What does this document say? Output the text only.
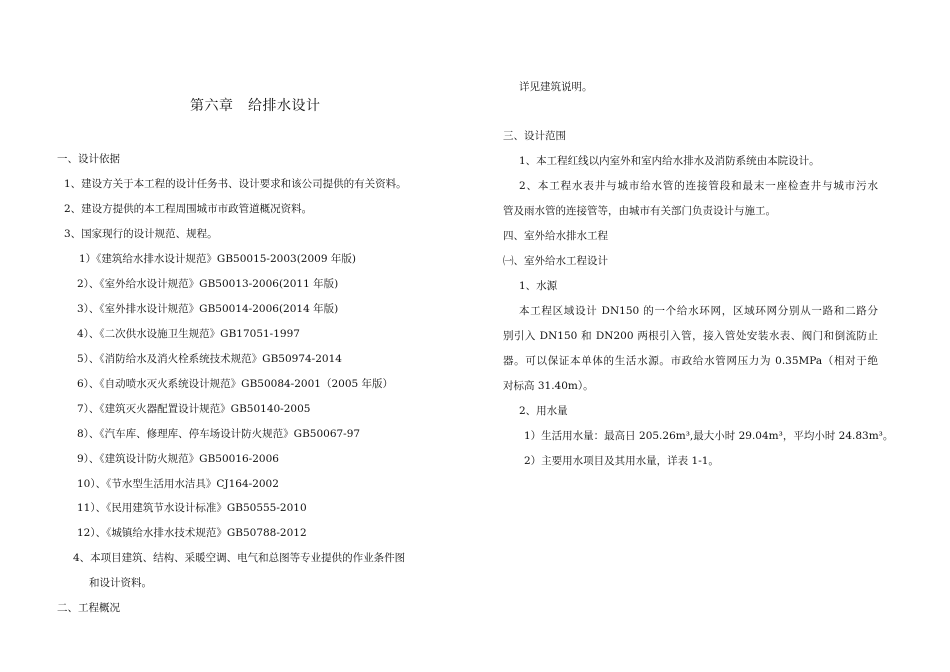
第六章　给排水设计
一、设计依据
1、建设方关于本工程的设计任务书、设计要求和该公司提供的有关资料。
2、建设方提供的本工程周围城市市政管道概况资料。
3、国家现行的设计规范、规程。
1）《建筑给水排水设计规范》GB50015-2003(2009 年版)
2）、《室外给水设计规范》GB50013-2006(2011 年版)
3）、《室外排水设计规范》GB50014-2006(2014 年版)
4）、《二次供水设施卫生规范》GB17051-1997
5）、《消防给水及消火栓系统技术规范》GB50974-2014
6）、《自动喷水灭火系统设计规范》GB50084-2001（2005 年版）
7）、《建筑灭火器配置设计规范》GB50140-2005
8）、《汽车库、修理库、停车场设计防火规范》GB50067-97
9）、《建筑设计防火规范》GB50016-2006
10）、《节水型生活用水洁具》CJ164-2002
11）、《民用建筑节水设计标准》GB50555-2010
12）、《城镇给水排水技术规范》GB50788-2012
4、本项目建筑、结构、采暖空调、电气和总图等专业提供的作业条件图
和设计资料。
二、工程概况
详见建筑说明。
三、设计范围
1、本工程红线以内室外和室内给水排水及消防系统由本院设计。
2、本工程水表井与城市给水管的连接管段和最末一座检查井与城市污水
管及雨水管的连接管等，由城市有关部门负责设计与施工。
四、室外给水排水工程
㈠、室外给水工程设计
1、水源
本工程区域设计 DN150 的一个给水环网，区域环网分别从一路和二路分
别引入 DN150 和 DN200 两根引入管，接入管处安装水表、阀门和倒流防止
器。可以保证本单体的生活水源。市政给水管网压力为 0.35MPa（相对于绝
对标高 31.40m）。
2、用水量
1）生活用水量：最高日 205.26m³,最大小时 29.04m³，平均小时 24.83m³。
2）主要用水项目及其用水量，详表 1-1。
